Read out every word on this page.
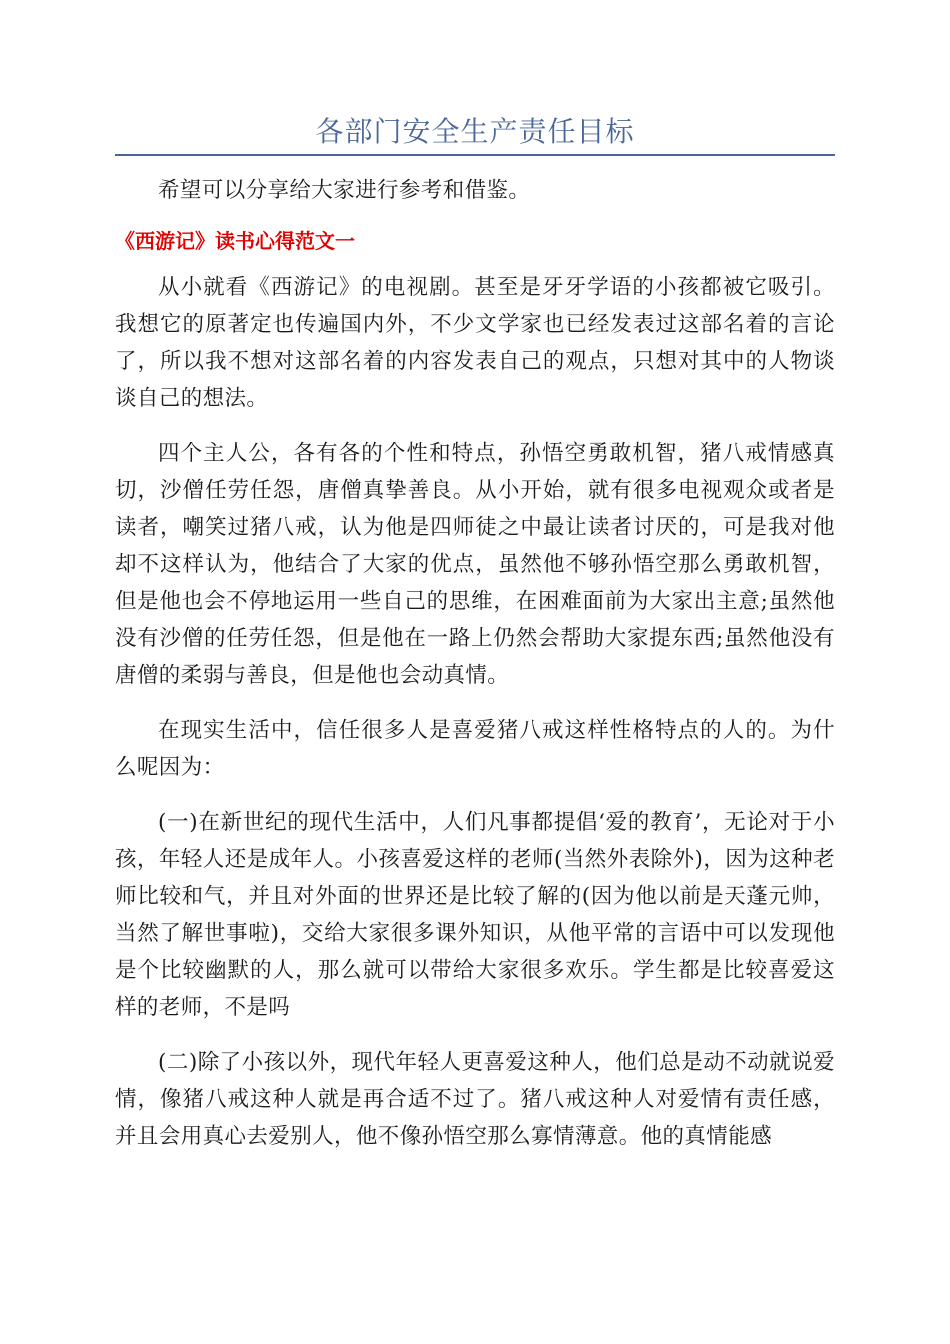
各部门安全生产责任目标

希望可以分享给大家进行参考和借鉴。

《西游记》读书心得范文一

从小就看《西游记》的电视剧。甚至是牙牙学语的小孩都被它吸引。我想它的原著定也传遍国内外，不少文学家也已经发表过这部名着的言论了，所以我不想对这部名着的内容发表自己的观点，只想对其中的人物谈谈自己的想法。

四个主人公，各有各的个性和特点，孙悟空勇敢机智，猪八戒情感真切，沙僧任劳任怨，唐僧真挚善良。从小开始，就有很多电视观众或者是读者，嘲笑过猪八戒，认为他是四师徒之中最让读者讨厌的，可是我对他却不这样认为，他结合了大家的优点，虽然他不够孙悟空那么勇敢机智，但是他也会不停地运用一些自己的思维，在困难面前为大家出主意;虽然他没有沙僧的任劳任怨，但是他在一路上仍然会帮助大家提东西;虽然他没有唐僧的柔弱与善良，但是他也会动真情。

在现实生活中，信任很多人是喜爱猪八戒这样性格特点的人的。为什么呢因为：

(一)在新世纪的现代生活中，人们凡事都提倡‘爱的教育’，无论对于小孩，年轻人还是成年人。小孩喜爱这样的老师(当然外表除外)，因为这种老师比较和气，并且对外面的世界还是比较了解的(因为他以前是天蓬元帅，当然了解世事啦)，交给大家很多课外知识，从他平常的言语中可以发现他是个比较幽默的人，那么就可以带给大家很多欢乐。学生都是比较喜爱这样的老师，不是吗

(二)除了小孩以外，现代年轻人更喜爱这种人，他们总是动不动就说爱情，像猪八戒这种人就是再合适不过了。猪八戒这种人对爱情有责任感，并且会用真心去爱别人，他不像孙悟空那么寡情薄意。他的真情能感
